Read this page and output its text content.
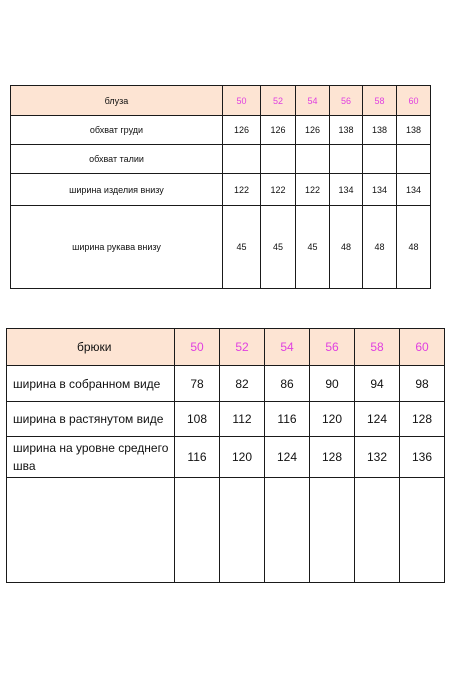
блуза	50	52	54	56	58	60
обхват груди	126	126	126	138	138	138
обхват талии						
ширина изделия внизу	122	122	122	134	134	134
ширина рукава внизу	45	45	45	48	48	48
брюки	50	52	54	56	58	60
ширина в собранном виде	78	82	86	90	94	98
ширина в растянутом виде	108	112	116	120	124	128
ширина на уровне среднего шва	116	120	124	128	132	136
